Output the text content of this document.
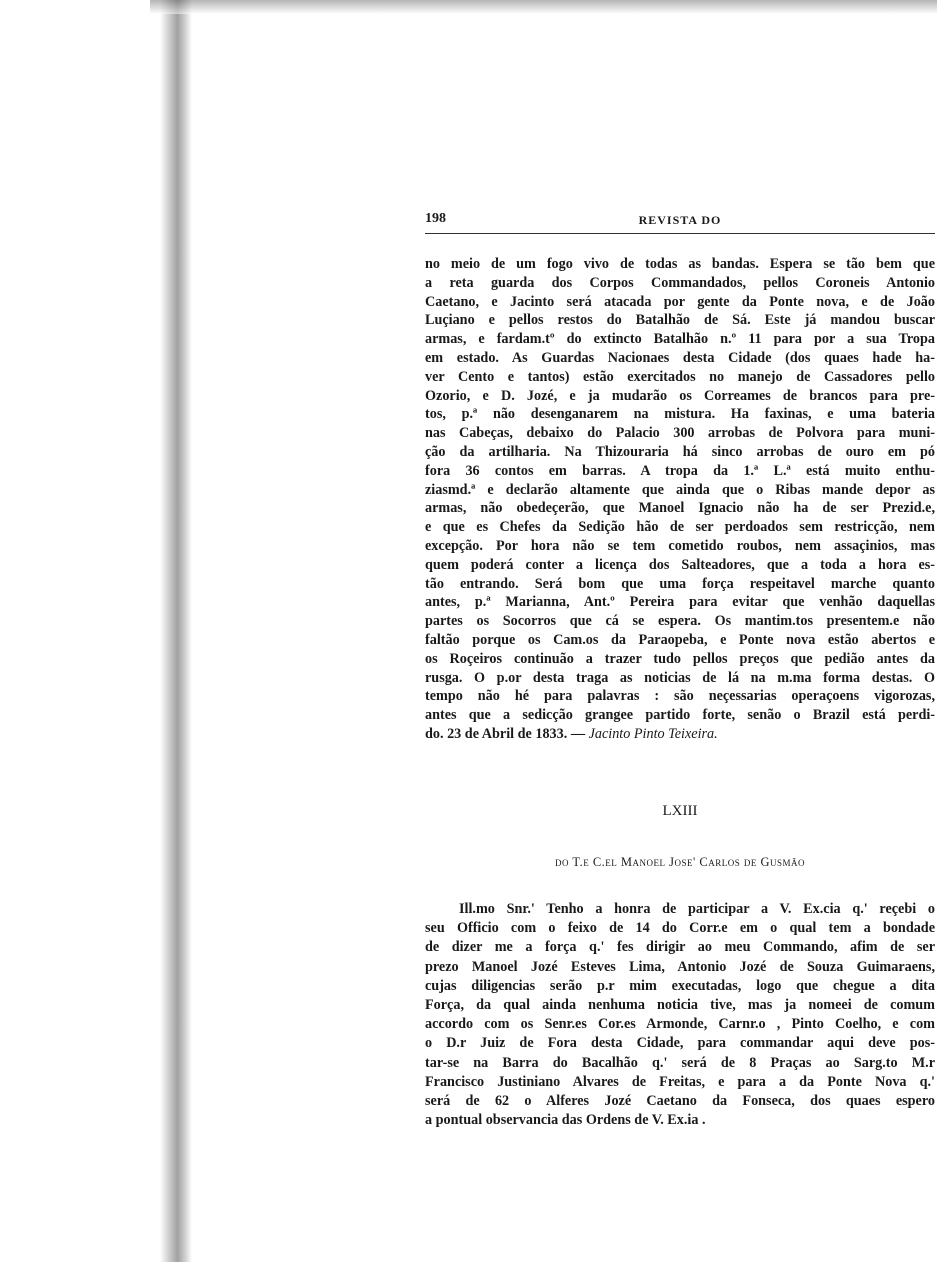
198	REVISTA DO
no meio de um fogo vivo de todas as bandas. Espera se tão bem que
a reta guarda dos Corpos Commandados, pellos Coroneis Antonio
Caetano, e Jacinto será atacada por gente da Ponte nova, e de João
Luçiano e pellos restos do Batalhão de Sá. Este já mandou buscar
armas, e fardam.tº do extincto Batalhão n.º 11 para por a sua Tropa
em estado. As Guardas Nacionaes desta Cidade (dos quaes hade ha-
ver Cento e tantos) estão exercitados no manejo de Cassadores pello
Ozorio, e D. Jozé, e ja mudarão os Correames de brancos para pre-
tos, p.ª não desenganarem na mistura. Ha faxinas, e uma bateria
nas Cabeças, debaixo do Palacio 300 arrobas de Polvora para muni-
ção da artilharia. Na Thizouraria há sinco arrobas de ouro em pó
fora 36 contos em barras. A tropa da 1.ª L.ª está muito enthu-
ziasmd.ª e declarão altamente que ainda que o Ribas mande depor as
armas, não obedeçerão, que Manoel Ignacio não ha de ser Prezid.e,
e que es Chefes da Sedição hão de ser perdoados sem restricção, nem
excepção. Por hora não se tem cometido roubos, nem assaçinios, mas
quem poderá conter a licença dos Salteadores, que a toda a hora es-
tão entrando. Será bom que uma força respeitavel marche quanto
antes, p.ª Marianna, Ant.º Pereira para evitar que venhão daquellas
partes os Socorros que cá se espera. Os mantim.tos presentem.e não
faltão porque os Cam.os da Paraopeba, e Ponte nova estão abertos e
os Roçeiros continuão a trazer tudo pellos preços que pedião antes da
rusga. O p.or desta traga as noticias de lá na m.ma forma destas. O
tempo não hé para palavras : são neçessarias operaçoens vigorozas,
antes que a sedicção grangee partido forte, senão o Brazil está perdi-
do. 23 de Abril de 1833. — Jacinto Pinto Teixeira.
LXIII
do T.e C.el Manoel Jose' Carlos de Gusmão
Ill.mo Snr.' Tenho a honra de participar a V. Ex.cia q.' reçebi o
seu Officio com o feixo de 14 do Corr.e em o qual tem a bondade
de dizer me a força q.' fes dirigir ao meu Commando, afim de ser
prezo Manoel Jozé Esteves Lima, Antonio Jozé de Souza Guimaraens,
cujas diligencias serão p.r mim executadas, logo que chegue a dita
Força, da qual ainda nenhuma noticia tive, mas ja nomeei de comum
accordo com os Senr.es Cor.es Armonde, Carnr.o , Pinto Coelho, e com
o D.r Juiz de Fora desta Cidade, para commandar aqui deve pos-
tar-se na Barra do Bacalhão q.' será de 8 Praças ao Sarg.to M.r
Francisco Justiniano Alvares de Freitas, e para a da Ponte Nova q.'
será de 62 o Alferes Jozé Caetano da Fonseca, dos quaes espero
a pontual observancia das Ordens de V. Ex.ia .
